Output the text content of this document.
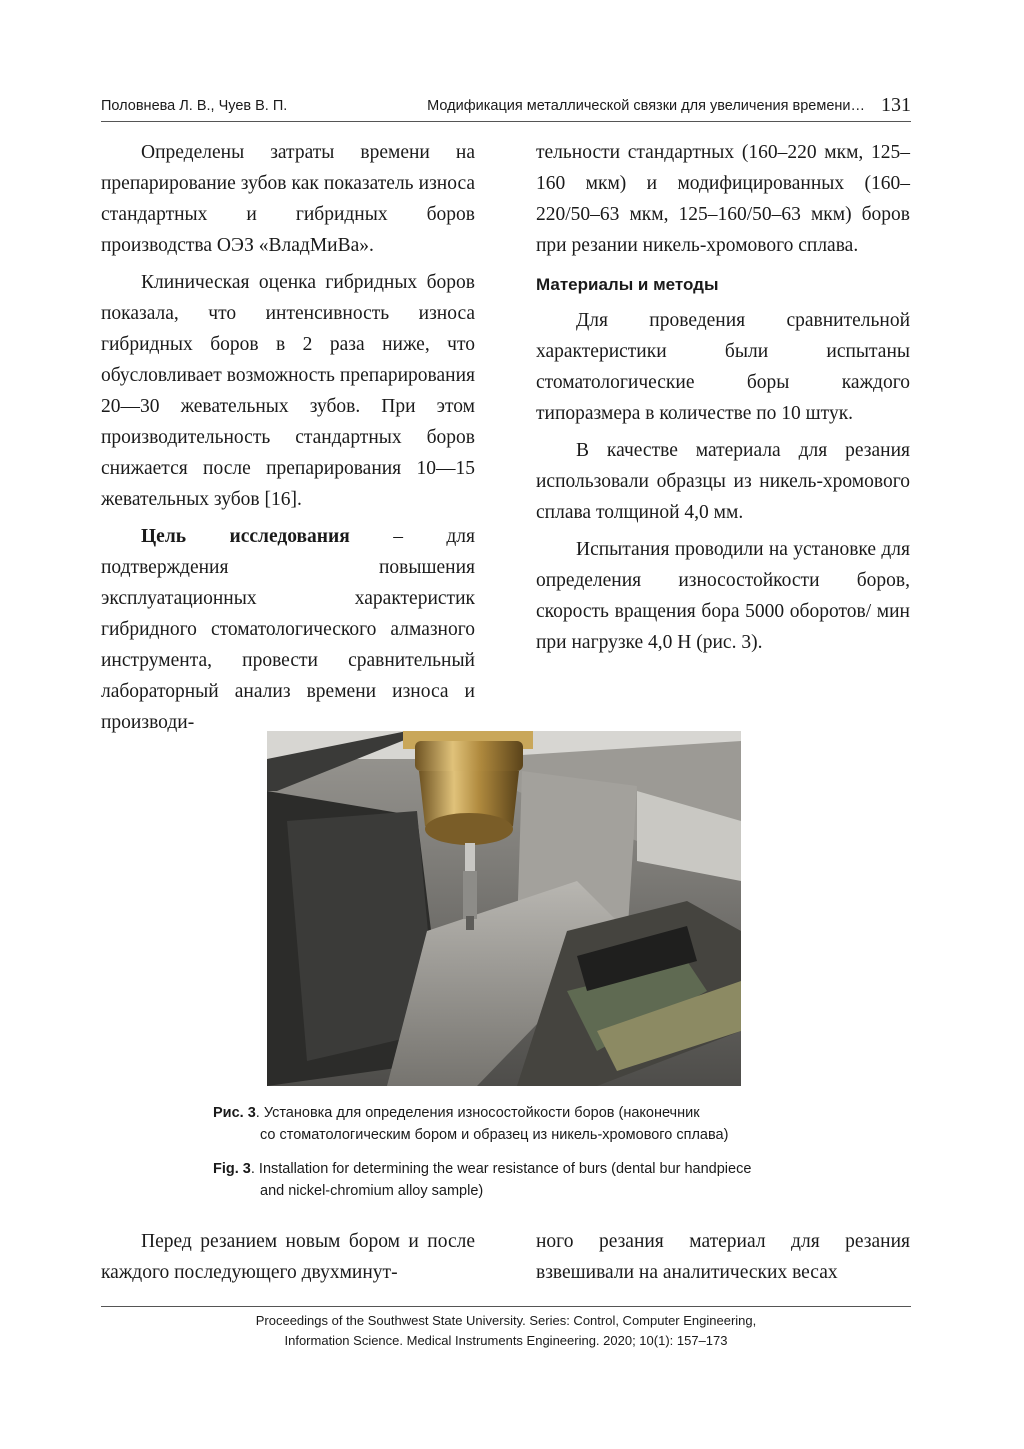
Половнева Л. В., Чуев В. П.	Модификация металлической связки для увеличения времени… 131

Определены затраты времени на препарирование зубов как показатель износа стандартных и гибридных боров производства ОЭЗ «ВладМиВа».

Клиническая оценка гибридных боров показала, что интенсивность износа гибридных боров в 2 раза ниже, что обусловливает возможность препарирования 20—30 жевательных зубов. При этом производительность стандартных боров снижается после препарирования 10—15 жевательных зубов [16].

Цель исследования – для подтверждения повышения эксплуатационных характеристик гибридного стоматологического алмазного инструмента, провести сравнительный лабораторный анализ времени износа и производи-

тельности стандартных (160–220 мкм, 125–160 мкм) и модифицированных (160–220/50–63 мкм, 125–160/50–63 мкм) боров при резании никель-хромового сплава.

Материалы и методы

Для проведения сравнительной характеристики были испытаны стоматологические боры каждого типоразмера в количестве по 10 штук.

В качестве материала для резания использовали образцы из никель-хромового сплава толщиной 4,0 мм.

Испытания проводили на установке для определения износостойкости боров, скорость вращения бора 5000 оборотов/ мин при нагрузке 4,0 Н (рис. 3).

Рис. 3. Установка для определения износостойкости боров (наконечник
со стоматологическим бором и образец из никель-хромового сплава)
Fig. 3. Installation for determining the wear resistance of burs (dental bur handpiece
and nickel-chromium alloy sample)

Перед резанием новым бором и после каждого последующего двухминут-

ного резания материал для резания взвешивали на аналитических весах

Proceedings of the Southwest State University. Series: Control, Computer Engineering,
Information Science. Medical Instruments Engineering. 2020; 10(1): 157–173
